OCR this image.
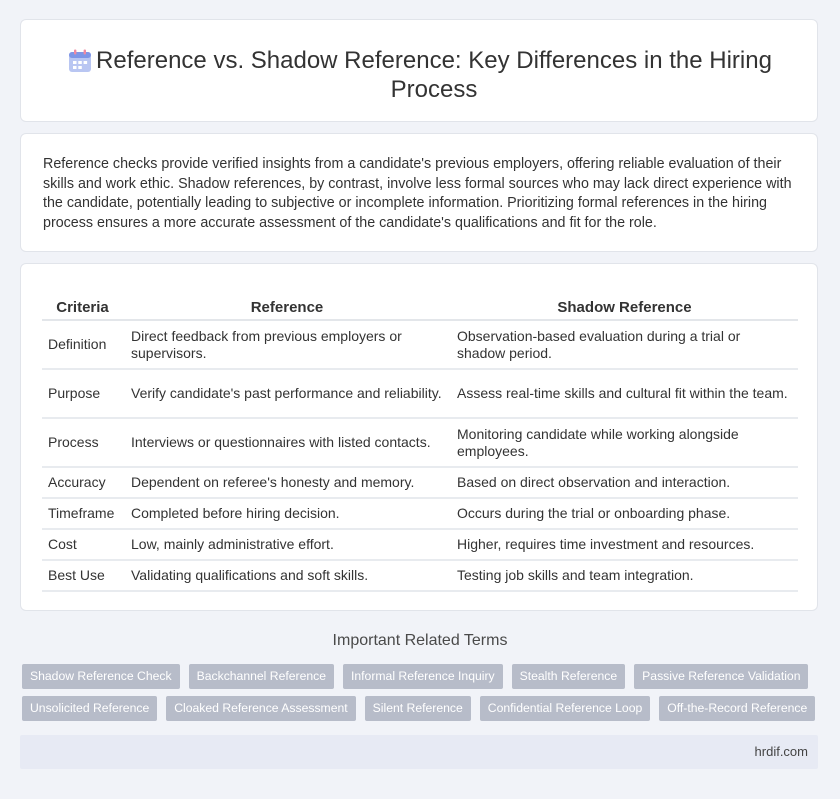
Reference vs. Shadow Reference: Key Differences in the Hiring Process
Reference checks provide verified insights from a candidate's previous employers, offering reliable evaluation of their skills and work ethic. Shadow references, by contrast, involve less formal sources who may lack direct experience with the candidate, potentially leading to subjective or incomplete information. Prioritizing formal references in the hiring process ensures a more accurate assessment of the candidate's qualifications and fit for the role.
Criteria	Reference	Shadow Reference
Definition	Direct feedback from previous employers or supervisors.	Observation-based evaluation during a trial or shadow period.
Purpose	Verify candidate's past performance and reliability.	Assess real-time skills and cultural fit within the team.
Process	Interviews or questionnaires with listed contacts.	Monitoring candidate while working alongside employees.
Accuracy	Dependent on referee's honesty and memory.	Based on direct observation and interaction.
Timeframe	Completed before hiring decision.	Occurs during the trial or onboarding phase.
Cost	Low, mainly administrative effort.	Higher, requires time investment and resources.
Best Use	Validating qualifications and soft skills.	Testing job skills and team integration.
Important Related Terms
Shadow Reference Check	Backchannel Reference	Informal Reference Inquiry	Stealth Reference	Passive Reference Validation
Unsolicited Reference	Cloaked Reference Assessment	Silent Reference	Confidential Reference Loop	Off-the-Record Reference
hrdif.com
